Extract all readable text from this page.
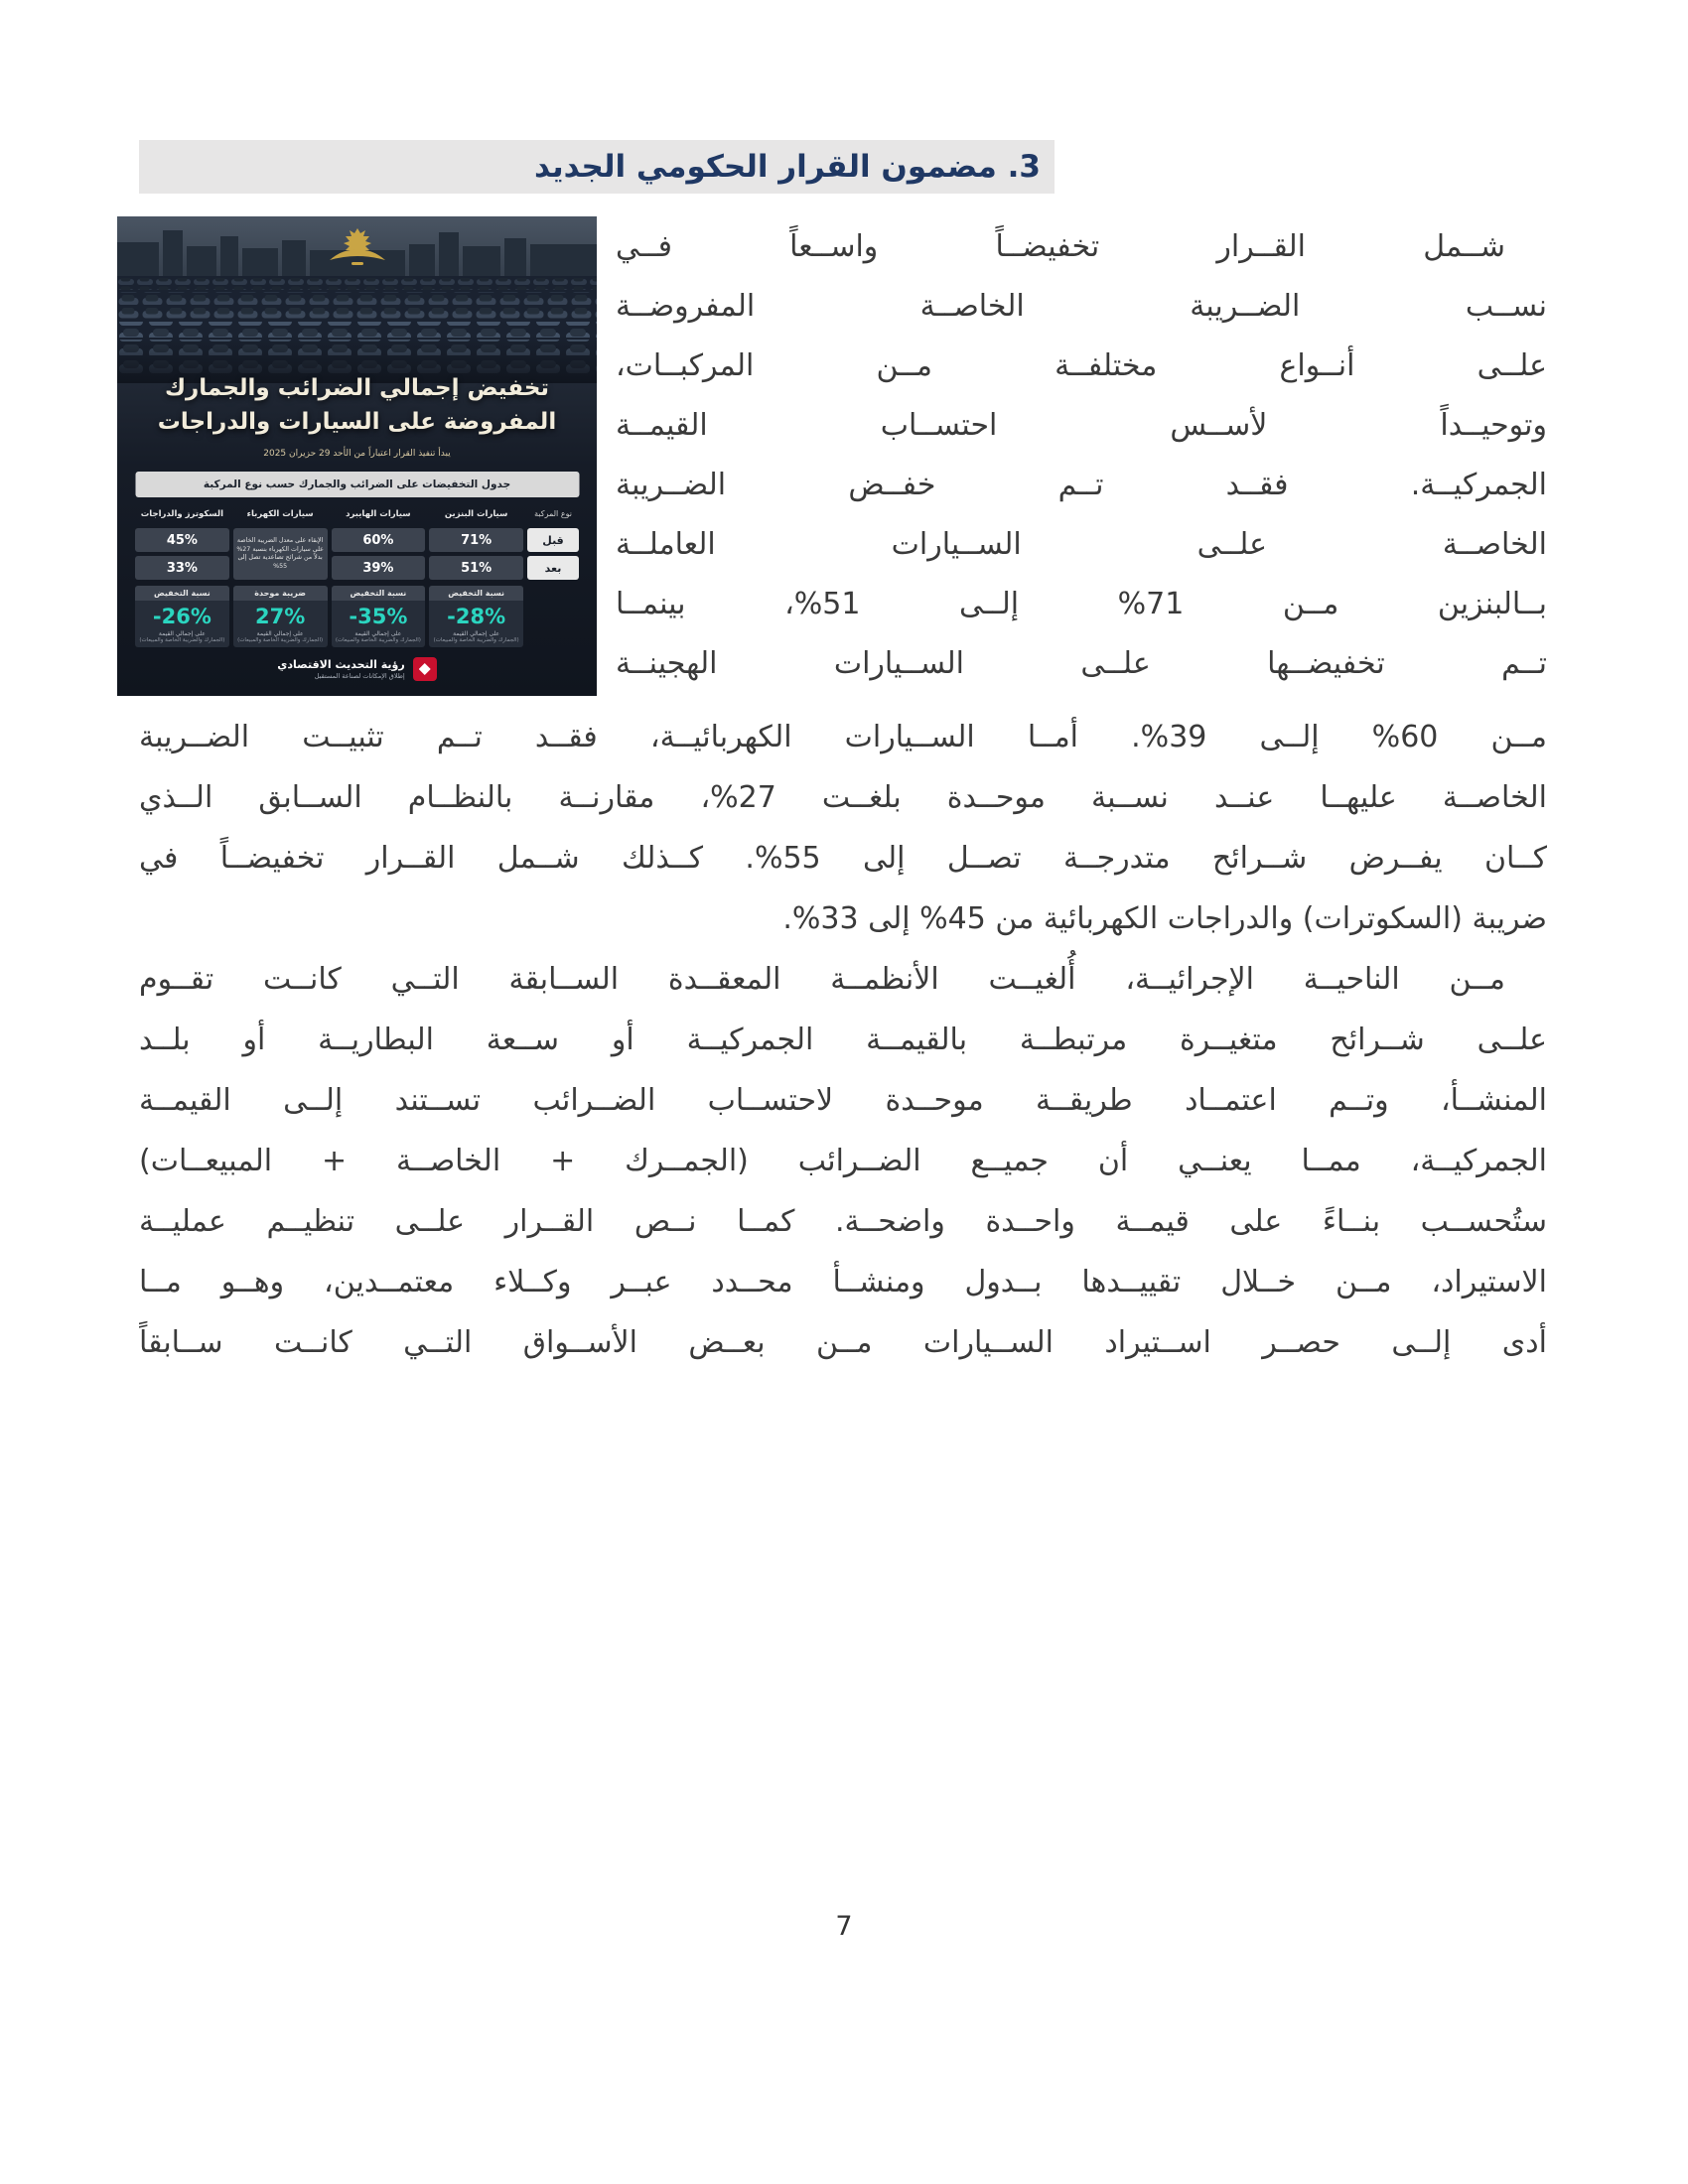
3. مضمون القرار الحكومي الجديد
تخفيض إجمالي الضرائب والجمارك
المفروضة على السيارات والدراجات
يبدأ تنفيذ القرار اعتباراً من الأحد 29 حزيران 2025
جدول التخفيضات على الضرائب والجمارك حسب نوع المركبة
نوع المركبة
سيارات البنزين
سيارات الهايبرد
سيارات الكهرباء
السكوترز والدراجات
قبل
71%
60%
الإبقاء على معدل الضريبة الخاصة على سيارات الكهرباء بنسبة 27% بدلاً من شرائح تصاعدية تصل إلى 55%
45%
بعد
51%
39%
33%
نسبة التخفيض
-28%
على إجمالي القيمة
(الجمارك والضريبة الخاصة والمبيعات)
نسبة التخفيض
-35%
على إجمالي القيمة
(الجمارك والضريبة الخاصة والمبيعات)
ضريبة موحدة
27%
على إجمالي القيمة
(الجمارك والضريبة الخاصة والمبيعات)
نسبة التخفيض
-26%
على إجمالي القيمة
(الجمارك والضريبة الخاصة والمبيعات)
رؤية التحديث الاقتصادي
إطلاق الإمكانات لصناعة المستقبل
شــمل القــرار تخفيضــاً واســعاً فــي
نســب الضــريبة الخاصــة المفروضــة
علــى أنــواع مختلفــة مــن المركبــات،
وتوحيــداً لأســس احتســاب القيمــة
الجمركيــة. فقــد تــم خفــض الضــريبة
الخاصــة علــى الســيارات العاملــة
بــالبنزين مــن 71% إلــى 51%، بينمــا
تــم تخفيضــها علــى الســيارات الهجينــة
مــن 60% إلــى 39%. أمــا الســيارات الكهربائيــة، فقــد تــم تثبيــت الضــريبة
الخاصــة عليهــا عنــد نســبة موحــدة بلغــت 27%، مقارنــة بالنظــام الســابق الــذي
كــان يفــرض شــرائح متدرجــة تصــل إلى 55%. كــذلك شــمل القــرار تخفيضــاً في
ضريبة (السكوترات) والدراجات الكهربائية من 45% إلى 33%.
مــن الناحيــة الإجرائيــة، أُلغيــت الأنظمــة المعقــدة الســابقة التــي كانــت تقــوم
علــى شــرائح متغيــرة مرتبطــة بالقيمــة الجمركيــة أو ســعة البطاريــة أو بلــد
المنشــأ، وتــم اعتمــاد طريقــة موحــدة لاحتســاب الضــرائب تســتند إلــى القيمــة
الجمركيــة، ممــا يعنــي أن جميــع الضــرائب (الجمــرك + الخاصــة + المبيعــات)
ستُحســب بنــاءً على قيمــة واحــدة واضحــة. كمــا نــص القــرار علــى تنظيــم عمليــة
الاستيراد، مــن خــلال تقييــدها بــدول ومنشــأ محــدد عبــر وكــلاء معتمــدين، وهــو مــا
أدى إلــى حصــر اســتيراد الســيارات مــن بعــض الأســواق التــي كانــت ســابقاً
7
